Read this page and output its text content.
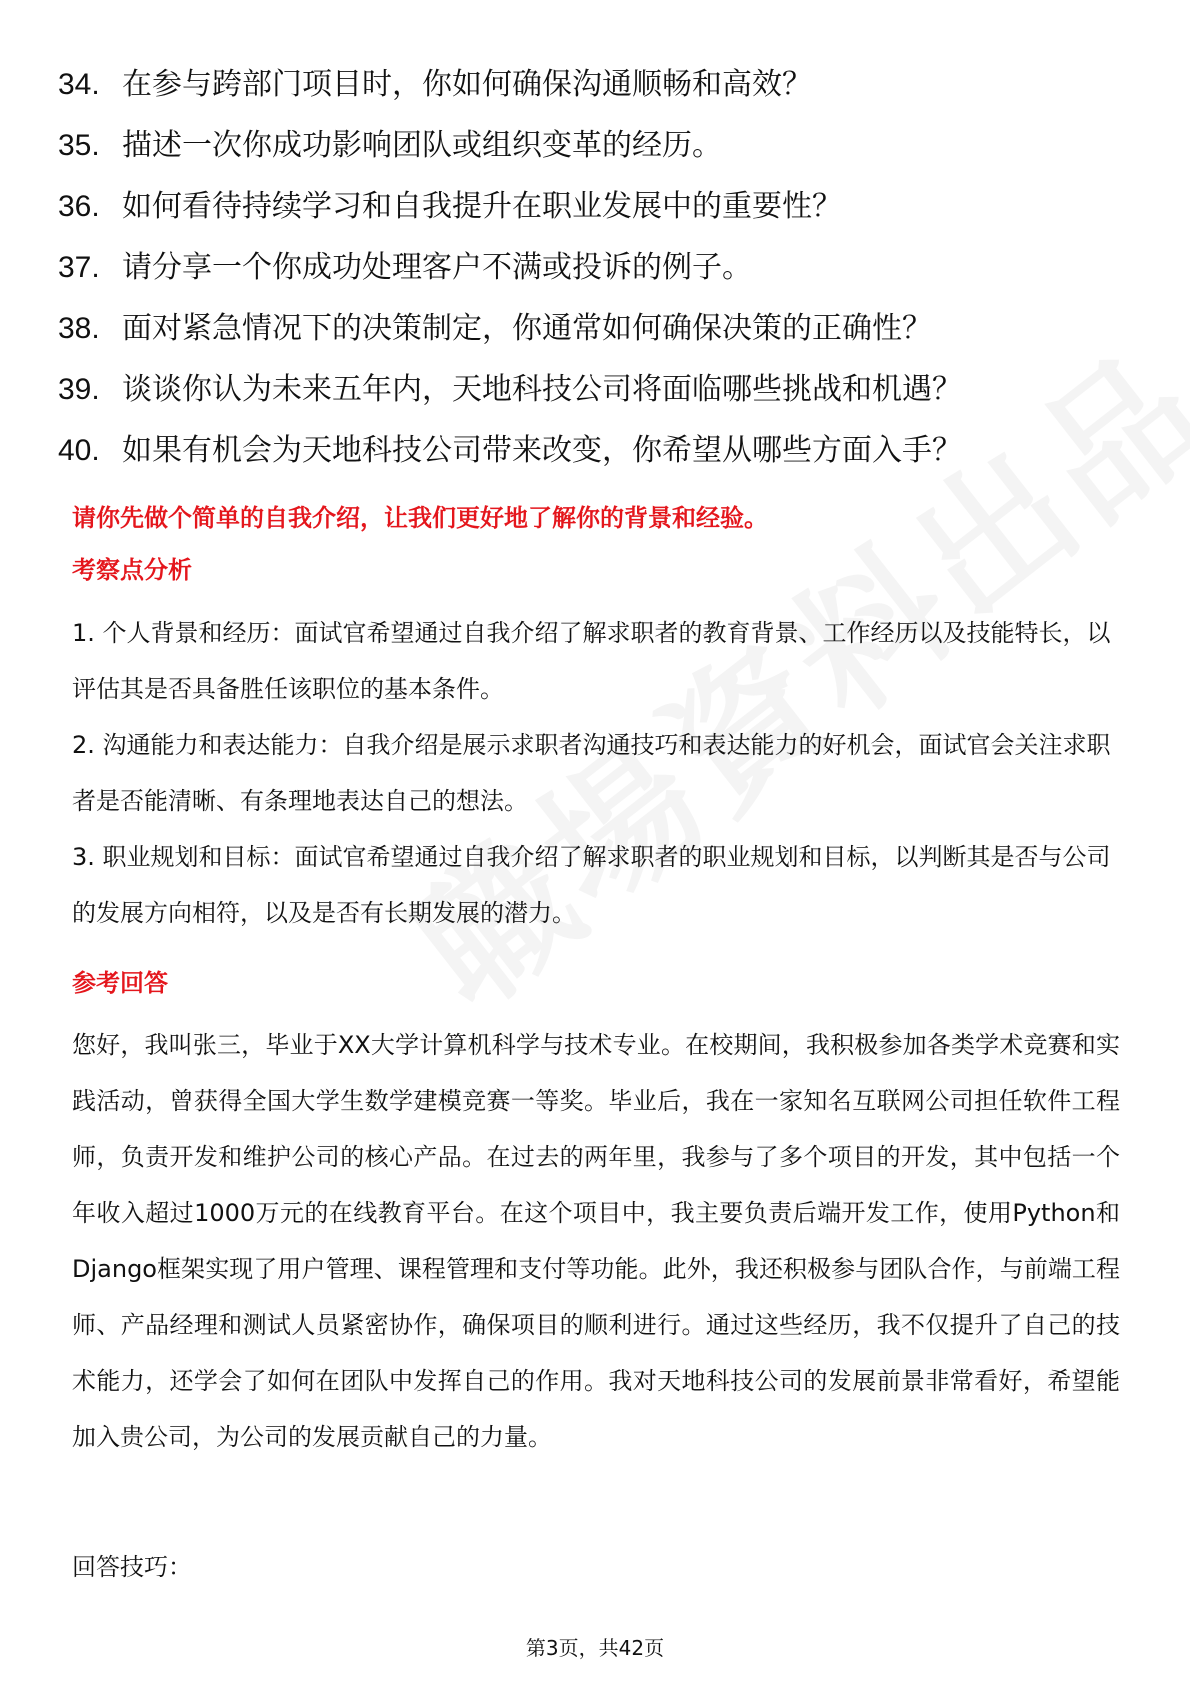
34. 在参与跨部门项目时，你如何确保沟通顺畅和高效？
35. 描述一次你成功影响团队或组织变革的经历。
36. 如何看待持续学习和自我提升在职业发展中的重要性？
37. 请分享一个你成功处理客户不满或投诉的例子。
38. 面对紧急情况下的决策制定，你通常如何确保决策的正确性？
39. 谈谈你认为未来五年内，天地科技公司将面临哪些挑战和机遇？
40. 如果有机会为天地科技公司带来改变，你希望从哪些方面入手？
请你先做个简单的自我介绍，让我们更好地了解你的背景和经验。
考察点分析

1. 个人背景和经历：面试官希望通过自我介绍了解求职者的教育背景、工作经历以及技能特长，以评估其是否具备胜任该职位的基本条件。

2. 沟通能力和表达能力：自我介绍是展示求职者沟通技巧和表达能力的好机会，面试官会关注求职者是否能清晰、有条理地表达自己的想法。

3. 职业规划和目标：面试官希望通过自我介绍了解求职者的职业规划和目标，以判断其是否与公司的发展方向相符，以及是否有长期发展的潜力。

参考回答
您好，我叫张三，毕业于XX大学计算机科学与技术专业。在校期间，我积极参加各类学术竞赛和实践活动，曾获得全国大学生数学建模竞赛一等奖。毕业后，我在一家知名互联网公司担任软件工程师，负责开发和维护公司的核心产品。在过去的两年里，我参与了多个项目的开发，其中包括一个年收入超过1000万元的在线教育平台。在这个项目中，我主要负责后端开发工作，使用Python和Django框架实现了用户管理、课程管理和支付等功能。此外，我还积极参与团队合作，与前端工程师、产品经理和测试人员紧密协作，确保项目的顺利进行。通过这些经历，我不仅提升了自己的技术能力，还学会了如何在团队中发挥自己的作用。我对天地科技公司的发展前景非常看好，希望能加入贵公司，为公司的发展贡献自己的力量。
回答技巧：
第3页，共42页
